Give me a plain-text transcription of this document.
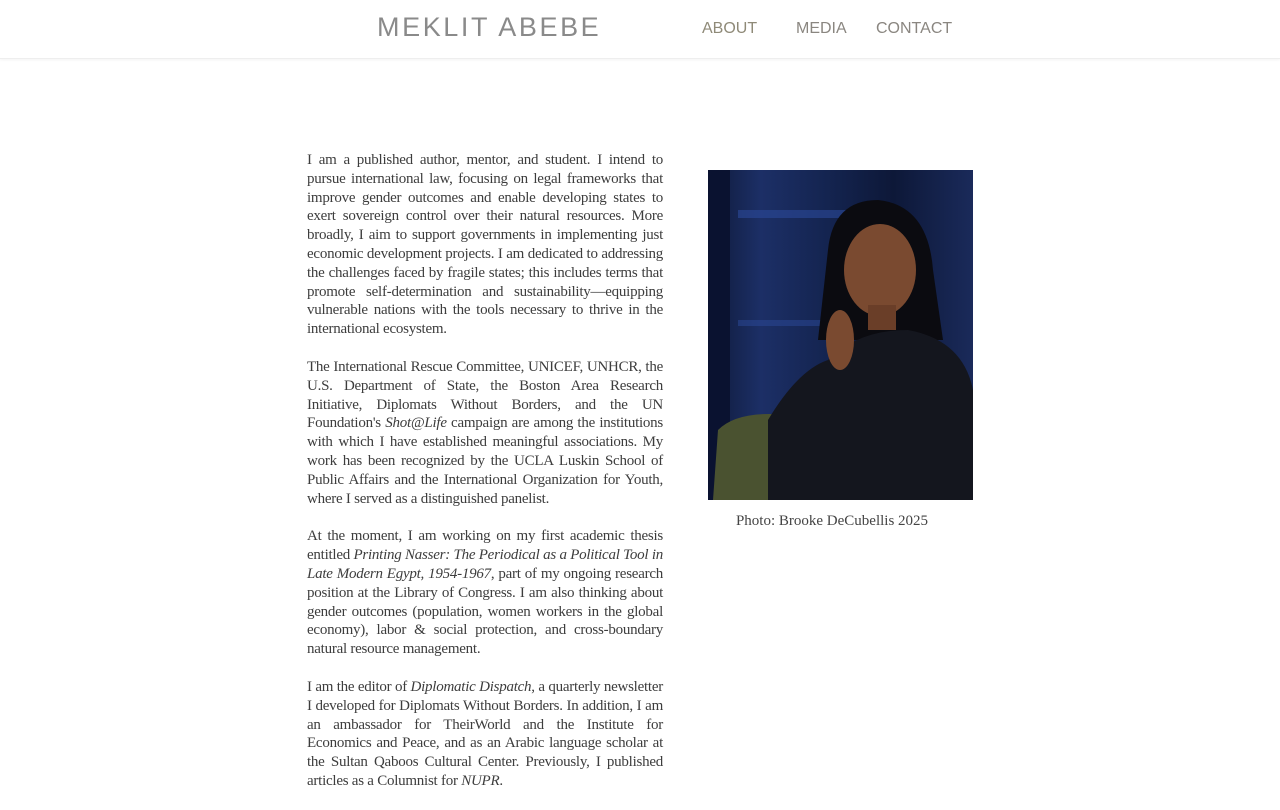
MEKLIT ABEBE	ABOUT MEDIA CONTACT

I am a published author, mentor, and student. I intend to pursue international law, focusing on legal frameworks that improve gender outcomes and enable developing states to exert sovereign control over their natural resources. More broadly, I aim to support governments in implementing just economic development projects. I am dedicated to addressing the challenges faced by fragile states; this includes terms that promote self-determination and sustainability—equipping vulnerable nations with the tools necessary to thrive in the international ecosystem.

The International Rescue Committee, UNICEF, UNHCR, the U.S. Department of State, the Boston Area Research Initiative, Diplomats Without Borders, and the UN Foundation's Shot@Life campaign are among the institutions with which I have established meaningful associations. My work has been recognized by the UCLA Luskin School of Public Affairs and the International Organization for Youth, where I served as a distinguished panelist.

At the moment, I am working on my first academic thesis entitled Printing Nasser: The Periodical as a Political Tool in Late Modern Egypt, 1954-1967, part of my ongoing research position at the Library of Congress. I am also thinking about gender outcomes (population, women workers in the global economy), labor & social protection, and cross-boundary natural resource management.

I am the editor of Diplomatic Dispatch, a quarterly newsletter I developed for Diplomats Without Borders. In addition, I am an ambassador for TheirWorld and the Institute for Economics and Peace, and as an Arabic language scholar at the Sultan Qaboos Cultural Center. Previously, I published articles as a Columnist for NUPR.

Photo: Brooke DeCubellis 2025
